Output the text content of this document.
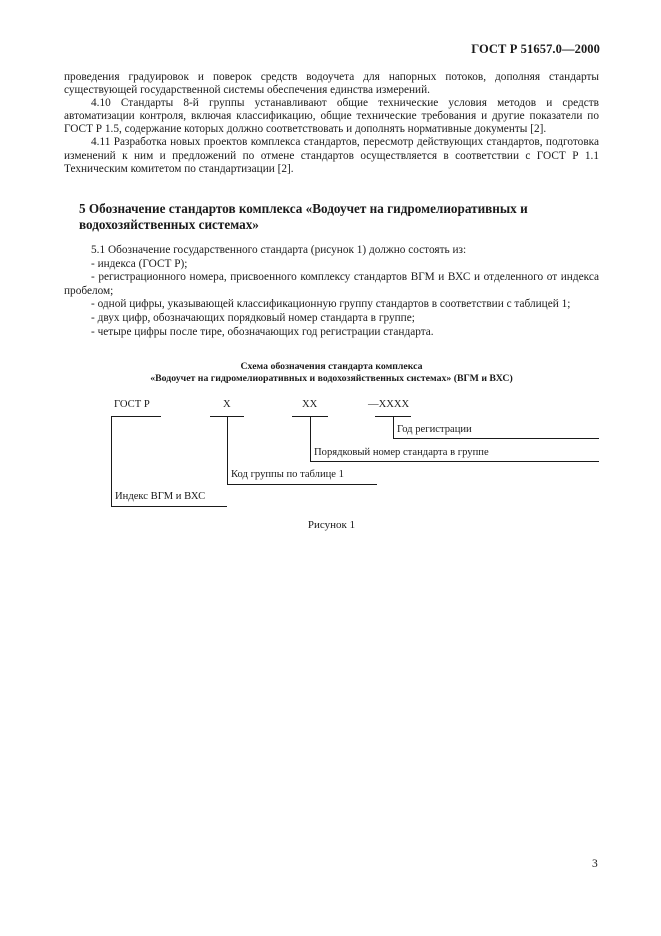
ГОСТ Р 51657.0—2000

проведения градуировок и поверок средств водоучета для напорных потоков, дополняя стандарты существующей государственной системы обеспечения единства измерений.

4.10 Стандарты 8-й группы устанавливают общие технические условия методов и средств автоматизации контроля, включая классификацию, общие технические требования и другие показатели по ГОСТ Р 1.5, содержание которых должно соответствовать и дополнять нормативные документы [2].

4.11 Разработка новых проектов комплекса стандартов, пересмотр действующих стандартов, подготовка изменений к ним и предложений по отмене стандартов осуществляется в соответствии с ГОСТ Р 1.1 Техническим комитетом по стандартизации [2].

5 Обозначение стандартов комплекса «Водоучет на гидромелиоративных и водохозяйственных системах»

5.1 Обозначение государственного стандарта (рисунок 1) должно состоять из:

- индекса (ГОСТ Р);

- регистрационного номера, присвоенного комплексу стандартов ВГМ и ВХС и отделенного от индекса пробелом;

- одной цифры, указывающей классификационную группу стандартов в соответствии с таблицей 1;

- двух цифр, обозначающих порядковый номер стандарта в группе;

- четыре цифры после тире, обозначающих год регистрации стандарта.

Схема обозначения стандарта комплекса
«Водоучет на гидромелиоративных и водохозяйственных системах» (ВГМ и ВХС)
ГОСТ Р	Х	ХХ	—ХХХХ
Год регистрации
Порядковый номер стандарта в группе
Код группы по таблице 1
Индекс ВГМ и ВХС
Рисунок 1
3
